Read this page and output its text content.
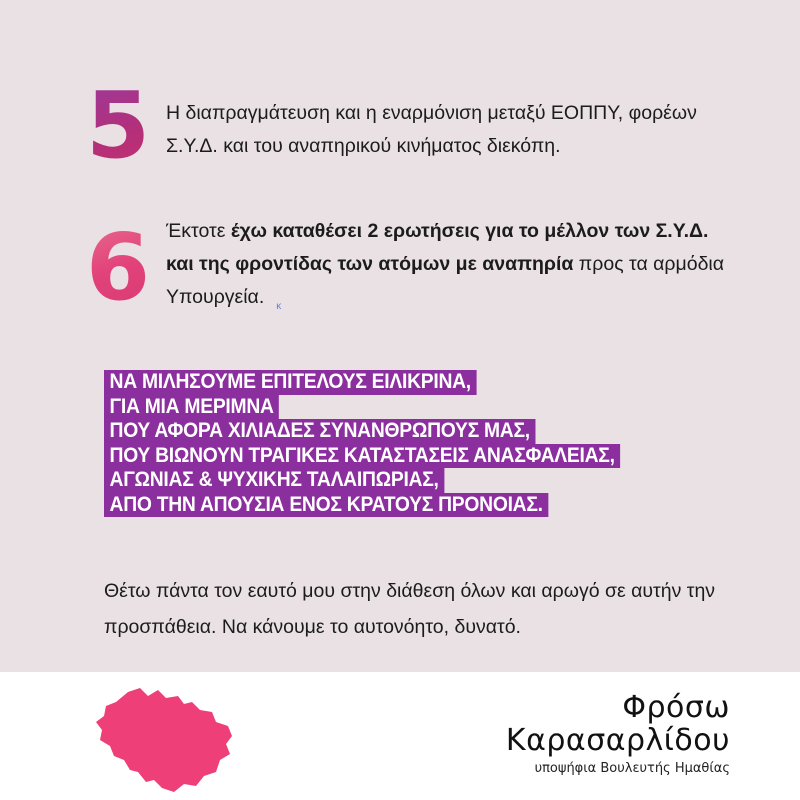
5 Η διαπραγμάτευση και η εναρμόνιση μεταξύ ΕΟΠΠΥ, φορέων Σ.Υ.Δ. και του αναπηρικού κινήματος διεκόπη.

6 Έκτοτε έχω καταθέσει 2 ερωτήσεις για το μέλλον των Σ.Υ.Δ. και της φροντίδας των ατόμων με αναπηρία προς τα αρμόδια Υπουργεία. $_\kappa$

ΝΑ ΜΙΛΗΣΟΥΜΕ ΕΠΙΤΕΛΟΥΣ ΕΙΛΙΚΡΙΝΑ,
ΓΙΑ ΜΙΑ ΜΕΡΙΜΝΑ
ΠΟΥ ΑΦΟΡΑ ΧΙΛΙΑΔΕΣ ΣΥΝΑΝΘΡΩΠΟΥΣ ΜΑΣ,
ΠΟΥ ΒΙΩΝΟΥΝ ΤΡΑΓΙΚΕΣ ΚΑΤΑΣΤΑΣΕΙΣ ΑΝΑΣΦΑΛΕΙΑΣ,
ΑΓΩΝΙΑΣ & ΨΥΧΙΚΗΣ ΤΑΛΑΙΠΩΡΙΑΣ,
ΑΠΟ ΤΗΝ ΑΠΟΥΣΙΑ ΕΝΟΣ ΚΡΑΤΟΥΣ ΠΡΟΝΟΙΑΣ.

Θέτω πάντα τον εαυτό μου στην διάθεση όλων και αρωγό σε αυτήν την προσπάθεια. Να κάνουμε το αυτονόητο, δυνατό.

Φρόσω
Καρασαρλίδου
υποψήφια Βουλευτής Ημαθίας
